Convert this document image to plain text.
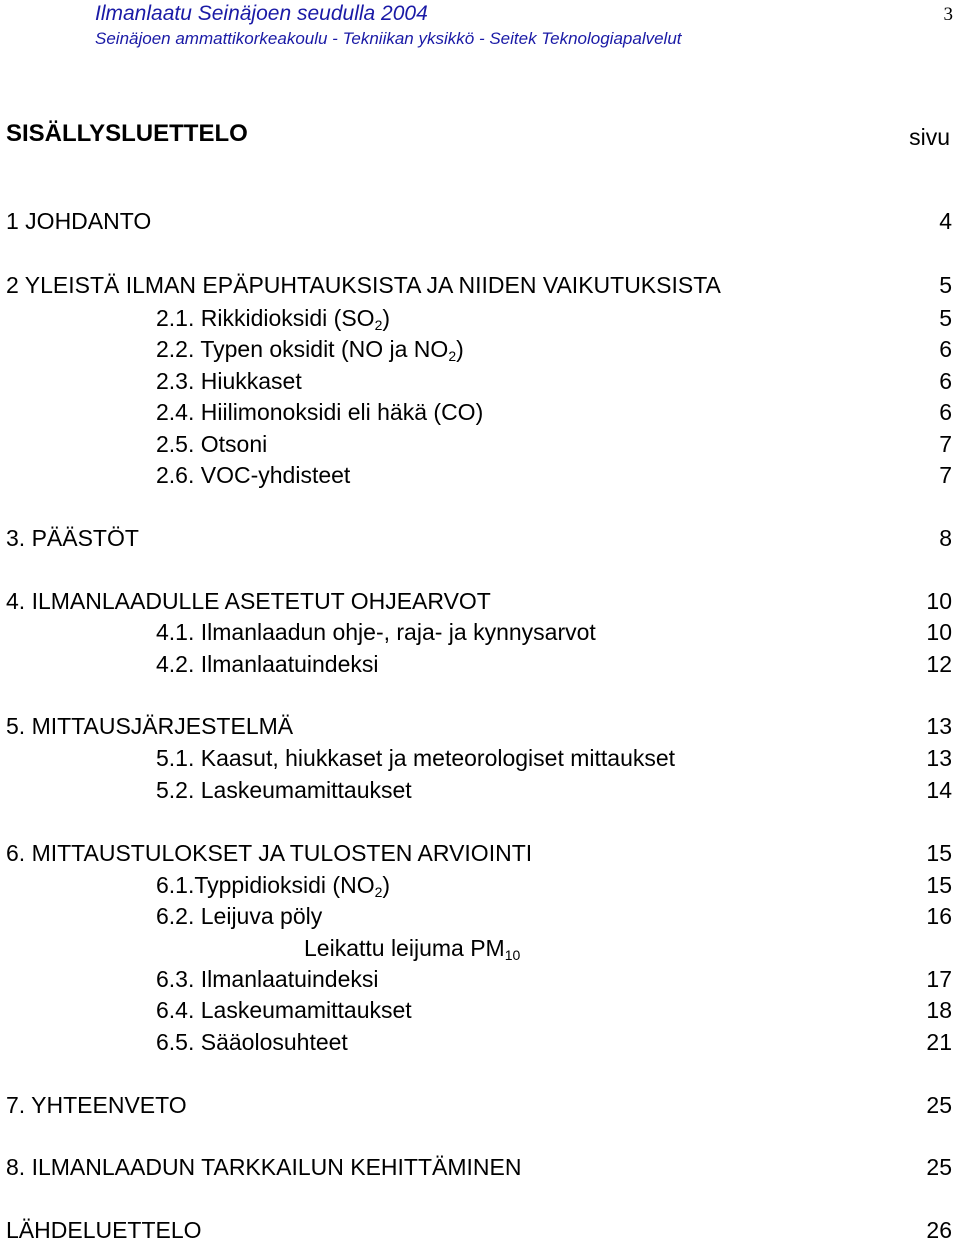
Ilmanlaatu Seinäjoen seudulla 2004
Seinäjoen ammattikorkeakoulu - Tekniikan yksikkö - Seitek Teknologiapalvelut
3
SISÄLLYSLUETTELO	sivu
1 JOHDANTO	4
2 YLEISTÄ ILMAN EPÄPUHTAUKSISTA JA NIIDEN VAIKUTUKSISTA	5
2.1. Rikkidioksidi $(SO_2)$	5
2.2. Typen oksidit (NO ja $NO_2$)	6
2.3. Hiukkaset	6
2.4. Hiilimonoksidi eli häkä (CO)	6
2.5. Otsoni	7
2.6. VOC-yhdisteet	7
3. PÄÄSTÖT	8
4. ILMANLAADULLE ASETETUT OHJEARVOT	10
4.1. Ilmanlaadun ohje-, raja- ja kynnysarvot	10
4.2. Ilmanlaatuindeksi	12
5. MITTAUSJÄRJESTELMÄ	13
5.1. Kaasut, hiukkaset ja meteorologiset mittaukset	13
5.2. Laskeumamittaukset	14
6. MITTAUSTULOKSET JA TULOSTEN ARVIOINTI	15
6.1.Typpidioksidi $(NO_2)$	15
6.2. Leijuva pöly	16
Leikattu leijuma $PM_{10}$
6.3. Ilmanlaatuindeksi	17
6.4. Laskeumamittaukset	18
6.5. Sääolosuhteet	21
7. YHTEENVETO	25
8. ILMANLAADUN TARKKAILUN KEHITTÄMINEN	25
LÄHDELUETTELO	26
